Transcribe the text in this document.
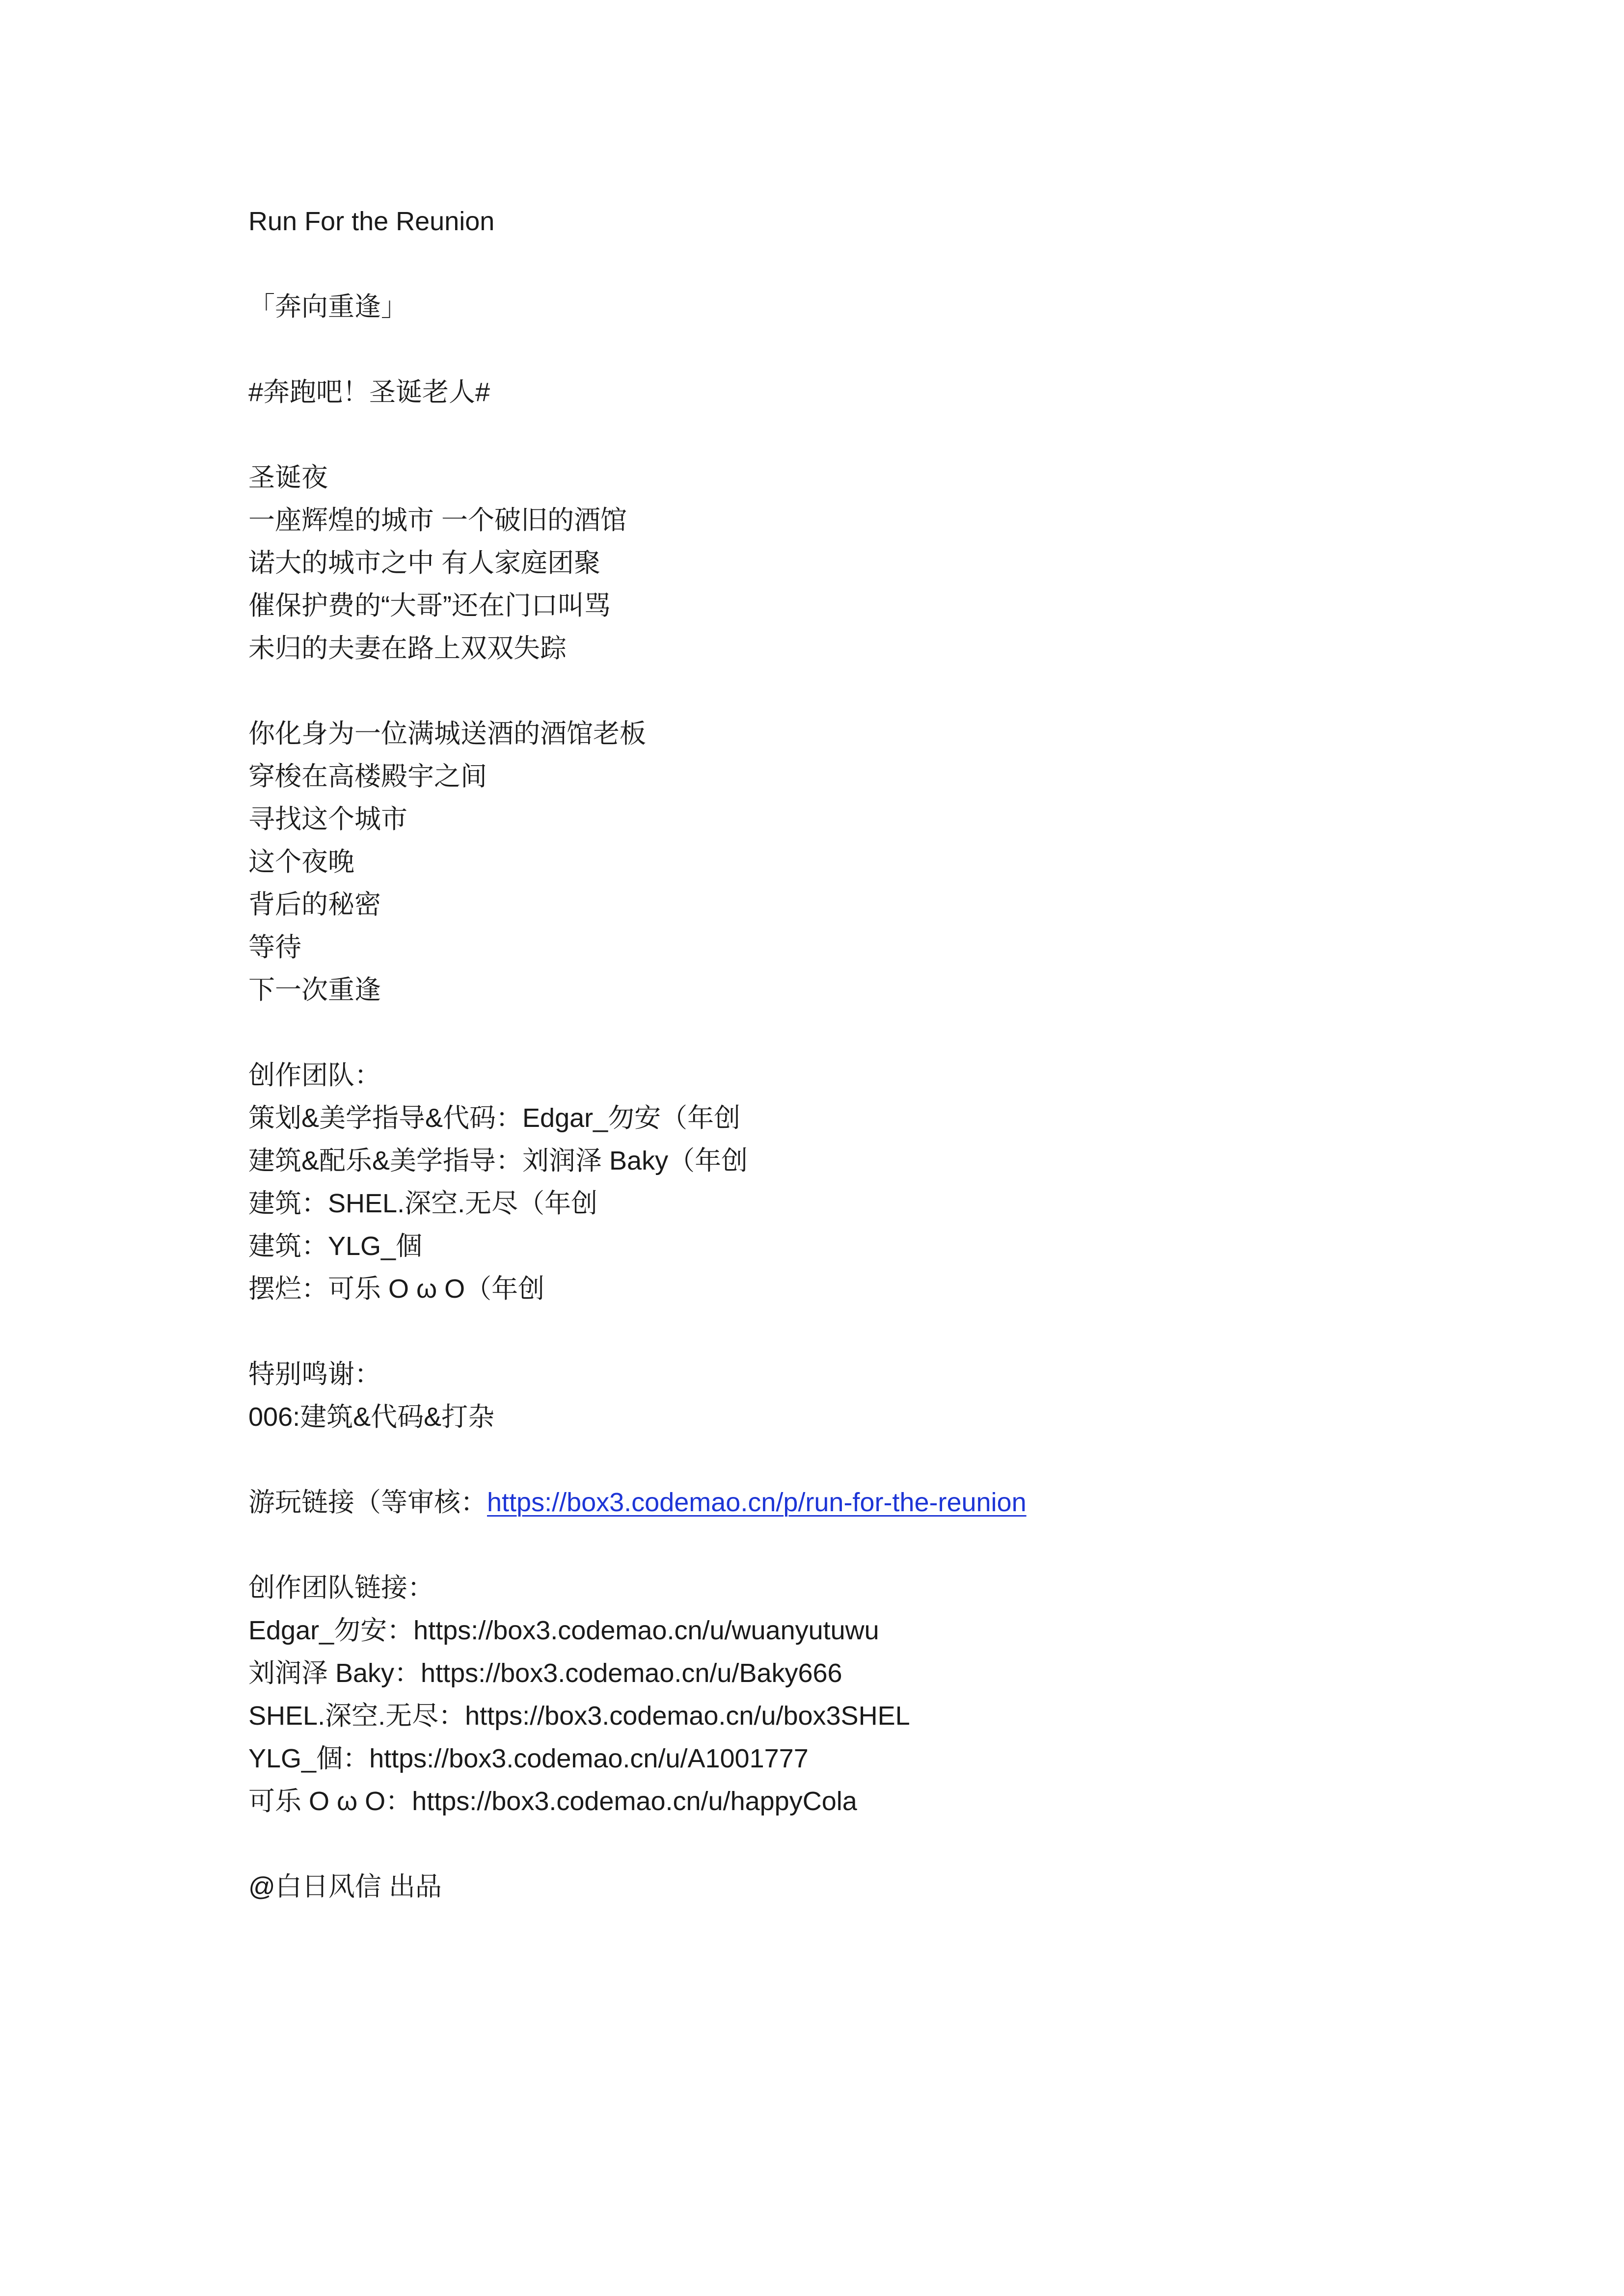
Run For the Reunion
「奔向重逢」
#奔跑吧！圣诞老人#
圣诞夜
一座辉煌的城市 一个破旧的酒馆
诺大的城市之中 有人家庭团聚
催保护费的“大哥”还在门口叫骂
未归的夫妻在路上双双失踪
你化身为一位满城送酒的酒馆老板
穿梭在高楼殿宇之间
寻找这个城市
这个夜晚
背后的秘密
等待
下一次重逢
创作团队：
策划&美学指导&代码：Edgar_勿安（年创
建筑&配乐&美学指导：刘润泽 Baky（年创
建筑：SHEL.深空.无尽（年创
建筑：YLG_個
摆烂：可乐 O ω O（年创
特别鸣谢：
006:建筑&代码&打杂
游玩链接（等审核：https://box3.codemao.cn/p/run-for-the-reunion
创作团队链接：
Edgar_勿安：https://box3.codemao.cn/u/wuanyutuwu
刘润泽 Baky：https://box3.codemao.cn/u/Baky666
SHEL.深空.无尽：https://box3.codemao.cn/u/box3SHEL
YLG_個：https://box3.codemao.cn/u/A1001777
可乐 O ω O：https://box3.codemao.cn/u/happyCola
@白日风信 出品
